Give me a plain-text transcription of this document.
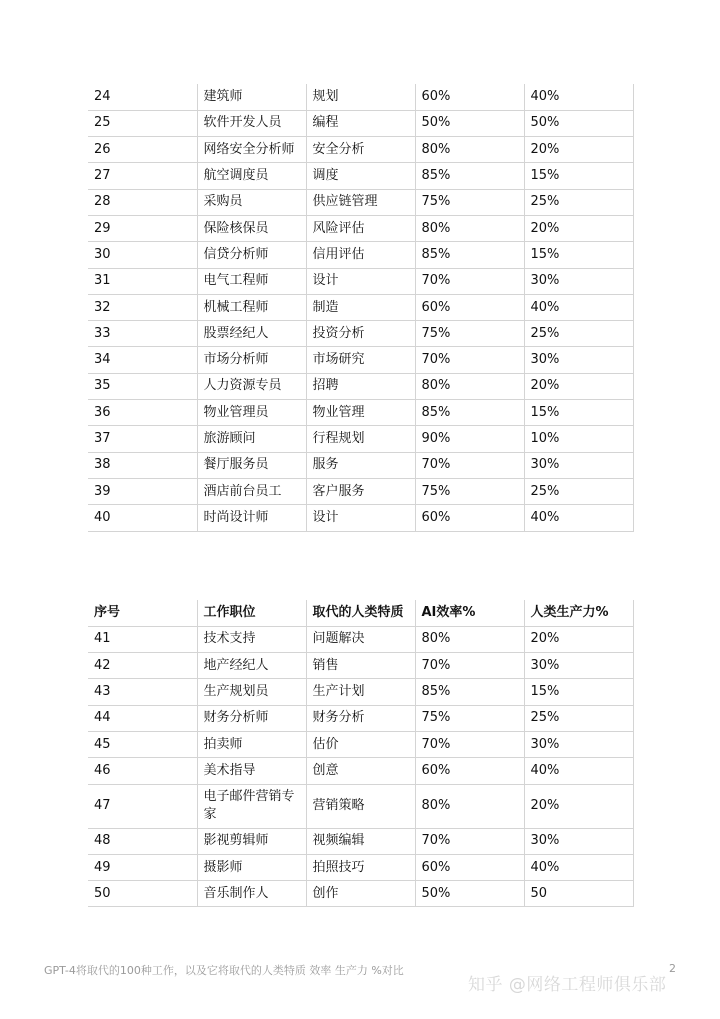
24	建筑师	规划	60%	40%
25	软件开发人员	编程	50%	50%
26	网络安全分析师	安全分析	80%	20%
27	航空调度员	调度	85%	15%
28	采购员	供应链管理	75%	25%
29	保险核保员	风险评估	80%	20%
30	信贷分析师	信用评估	85%	15%
31	电气工程师	设计	70%	30%
32	机械工程师	制造	60%	40%
33	股票经纪人	投资分析	75%	25%
34	市场分析师	市场研究	70%	30%
35	人力资源专员	招聘	80%	20%
36	物业管理员	物业管理	85%	15%
37	旅游顾问	行程规划	90%	10%
38	餐厅服务员	服务	70%	30%
39	酒店前台员工	客户服务	75%	25%
40	时尚设计师	设计	60%	40%
序号	工作职位	取代的人类特质	AI效率%	人类生产力%
41	技术支持	问题解决	80%	20%
42	地产经纪人	销售	70%	30%
43	生产规划员	生产计划	85%	15%
44	财务分析师	财务分析	75%	25%
45	拍卖师	估价	70%	30%
46	美术指导	创意	60%	40%
47	电子邮件营销专家	营销策略	80%	20%
48	影视剪辑师	视频编辑	70%	30%
49	摄影师	拍照技巧	60%	40%
50	音乐制作人	创作	50%	50
GPT-4将取代的100种工作，以及它将取代的人类特质 效率 生产力 %对比	2
知乎 @网络工程师俱乐部
